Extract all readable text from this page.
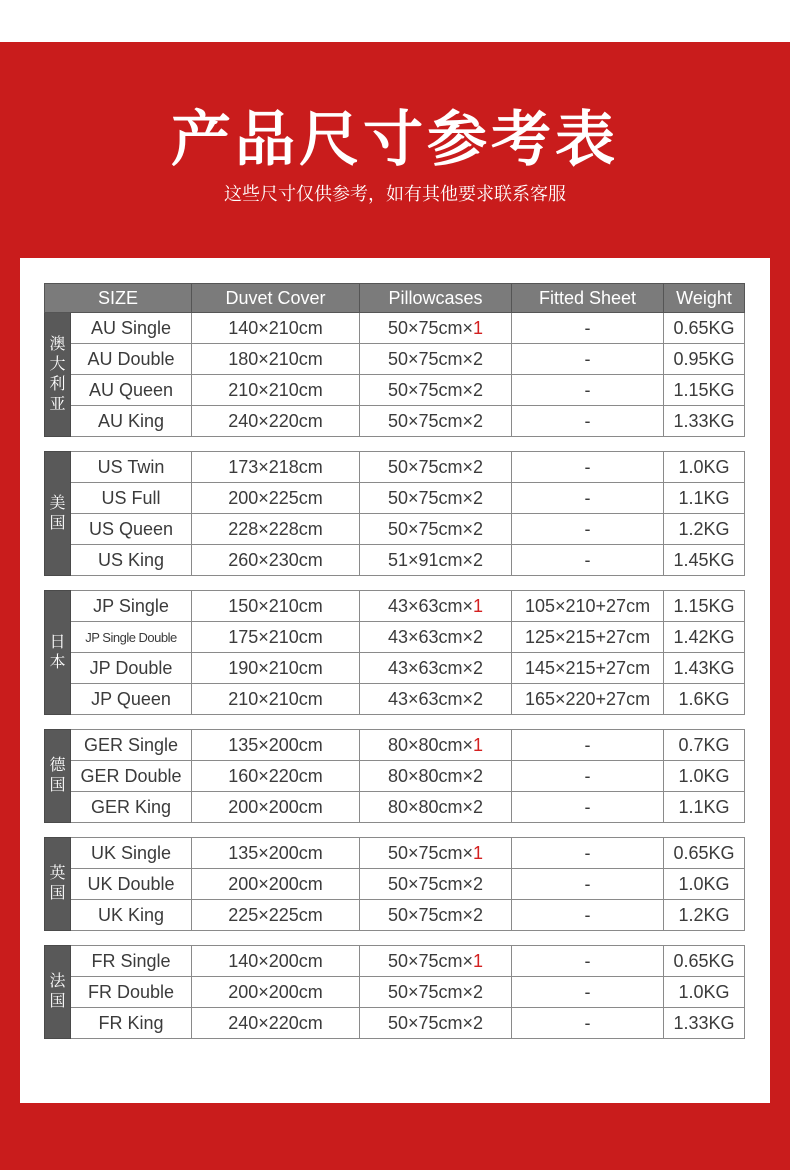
产品尺寸参考表
这些尺寸仅供参考，如有其他要求联系客服
SIZE		Duvet Cover	Pillowcases	Fitted Sheet	Weight
澳大利亚	AU Single	140×210cm	50×75cm×1	-	0.65KG
	AU Double	180×210cm	50×75cm×2	-	0.95KG
	AU Queen	210×210cm	50×75cm×2	-	1.15KG
	AU King	240×220cm	50×75cm×2	-	1.33KG

美国	US Twin	173×218cm	50×75cm×2	-	1.0KG
	US Full	200×225cm	50×75cm×2	-	1.1KG
	US Queen	228×228cm	50×75cm×2	-	1.2KG
	US King	260×230cm	51×91cm×2	-	1.45KG

日本	JP Single	150×210cm	43×63cm×1	105×210+27cm	1.15KG
	JP Single Double	175×210cm	43×63cm×2	125×215+27cm	1.42KG
	JP Double	190×210cm	43×63cm×2	145×215+27cm	1.43KG
	JP Queen	210×210cm	43×63cm×2	165×220+27cm	1.6KG

德国	GER Single	135×200cm	80×80cm×1	-	0.7KG
	GER Double	160×220cm	80×80cm×2	-	1.0KG
	GER King	200×200cm	80×80cm×2	-	1.1KG

英国	UK Single	135×200cm	50×75cm×1	-	0.65KG
	UK Double	200×200cm	50×75cm×2	-	1.0KG
	UK King	225×225cm	50×75cm×2	-	1.2KG

法国	FR Single	140×200cm	50×75cm×1	-	0.65KG
	FR Double	200×200cm	50×75cm×2	-	1.0KG
	FR King	240×220cm	50×75cm×2	-	1.33KG
